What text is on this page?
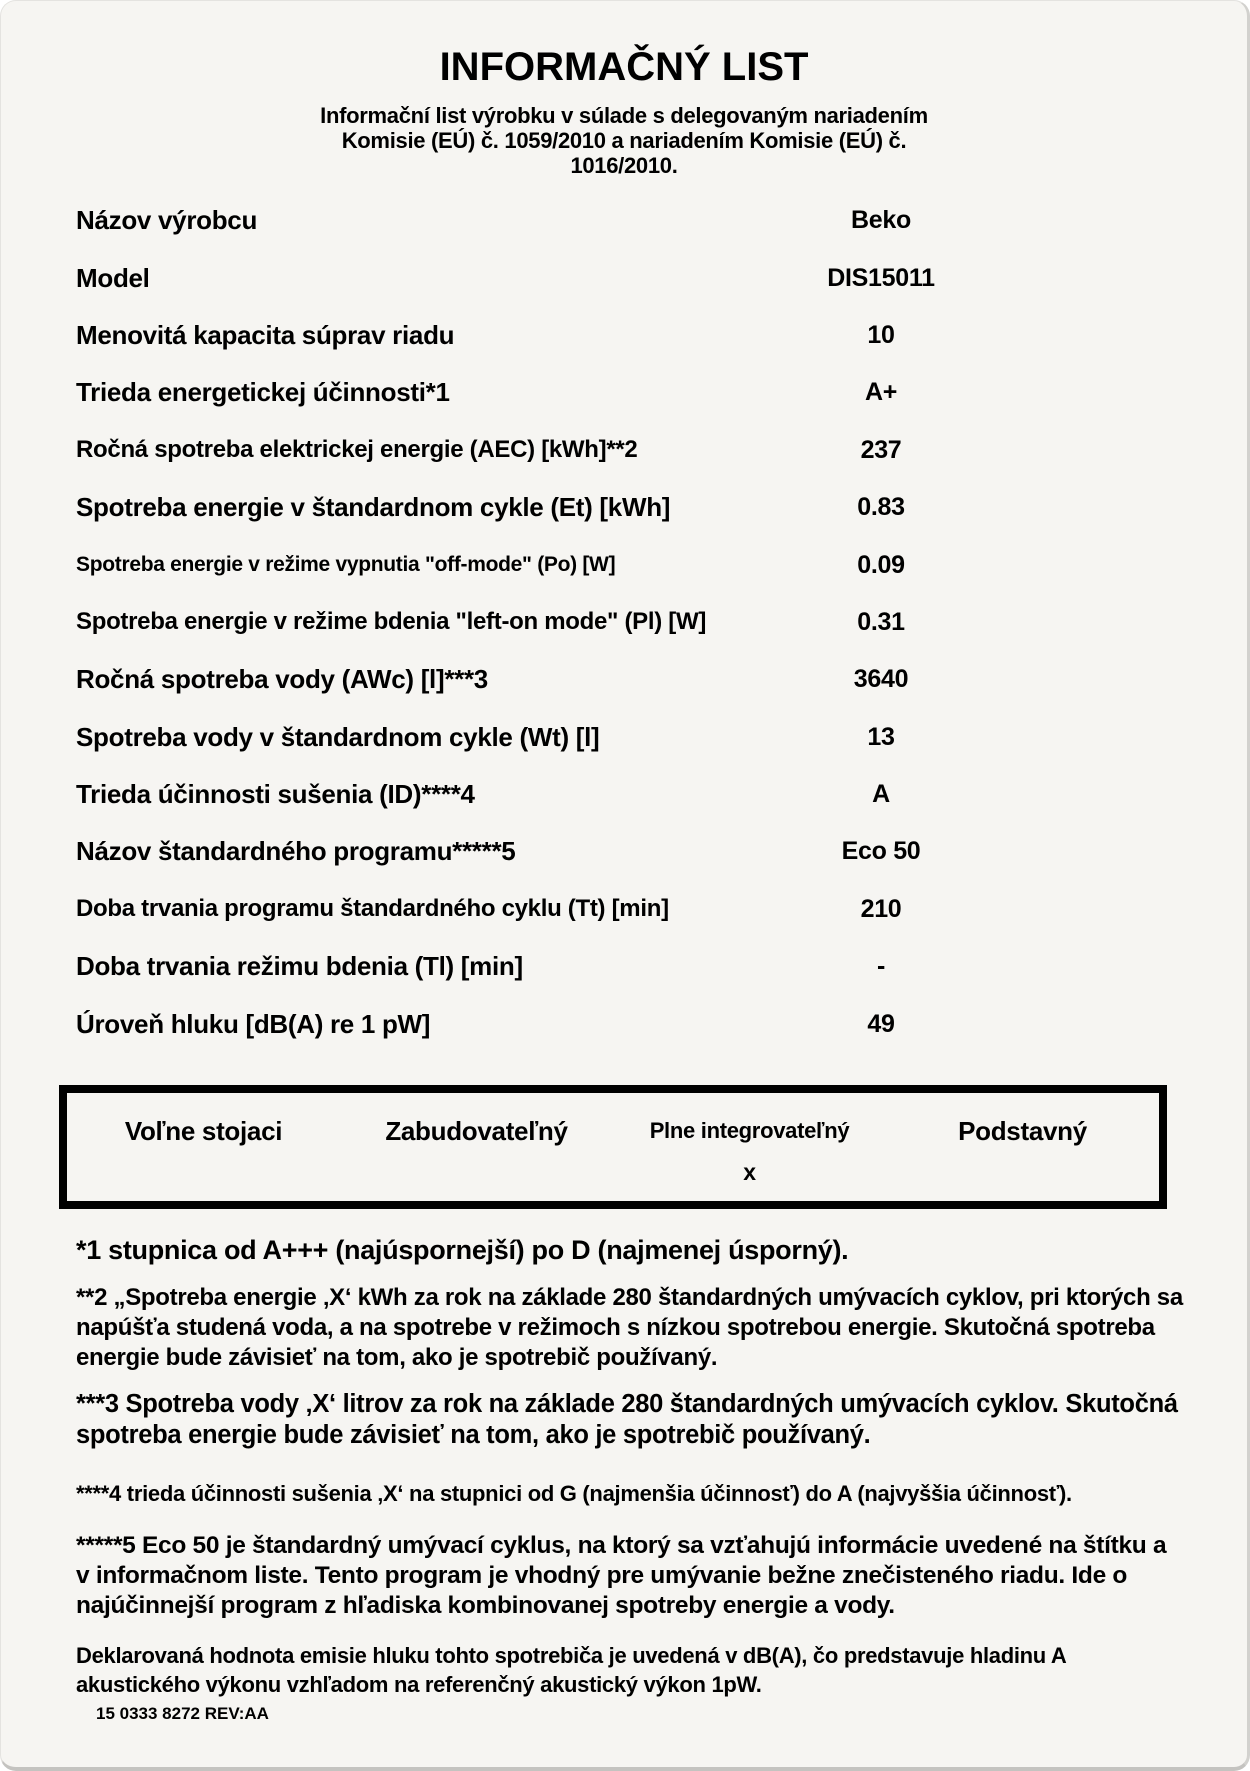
INFORMAČNÝ LIST
Informační list výrobku v súlade s delegovaným nariadením
Komisie (EÚ) č. 1059/2010 a nariadením Komisie (EÚ) č.
1016/2010.
Názov výrobcu	Beko
Model	DIS15011
Menovitá kapacita súprav riadu	10
Trieda energetickej účinnosti*1	A+
Ročná spotreba elektrickej energie (AEC) [kWh]**2	237
Spotreba energie v štandardnom cykle (Et) [kWh]	0.83
Spotreba energie v režime vypnutia "off-mode" (Po) [W]	0.09
Spotreba energie v režime bdenia "left-on mode" (Pl) [W]	0.31
Ročná spotreba vody (AWc) [l]***3	3640
Spotreba vody v štandardnom cykle (Wt) [l]	13
Trieda účinnosti sušenia (ID)****4	A
Názov štandardného programu*****5	Eco 50
Doba trvania programu štandardného cyklu (Tt) [min]	210
Doba trvania režimu bdenia (Tl) [min]	-
Úroveň hluku [dB(A) re 1 pW]	49
Voľne stojaci	Zabudovateľný	Plne integrovateľný	Podstavný
x
*1 stupnica od A+++ (najúspornejší) po D (najmenej úsporný).
**2 „Spotreba energie ‚X‘ kWh za rok na základe 280 štandardných umývacích cyklov, pri ktorých sa napúšťa studená voda, a na spotrebe v režimoch s nízkou spotrebou energie. Skutočná spotreba energie bude závisieť na tom, ako je spotrebič používaný.
***3 Spotreba vody ‚X‘ litrov za rok na základe 280 štandardných umývacích cyklov. Skutočná spotreba energie bude závisieť na tom, ako je spotrebič používaný.
****4 trieda účinnosti sušenia ‚X‘ na stupnici od G (najmenšia účinnosť) do A (najvyššia účinnosť).
*****5 Eco 50 je štandardný umývací cyklus, na ktorý sa vzťahujú informácie uvedené na štítku a v informačnom liste. Tento program je vhodný pre umývanie bežne znečisteného riadu. Ide o najúčinnejší program z hľadiska kombinovanej spotreby energie a vody.
Deklarovaná hodnota emisie hluku tohto spotrebiča je uvedená v dB(A), čo predstavuje hladinu A akustického výkonu vzhľadom na referenčný akustický výkon 1pW.
15 0333 8272 REV:AA
